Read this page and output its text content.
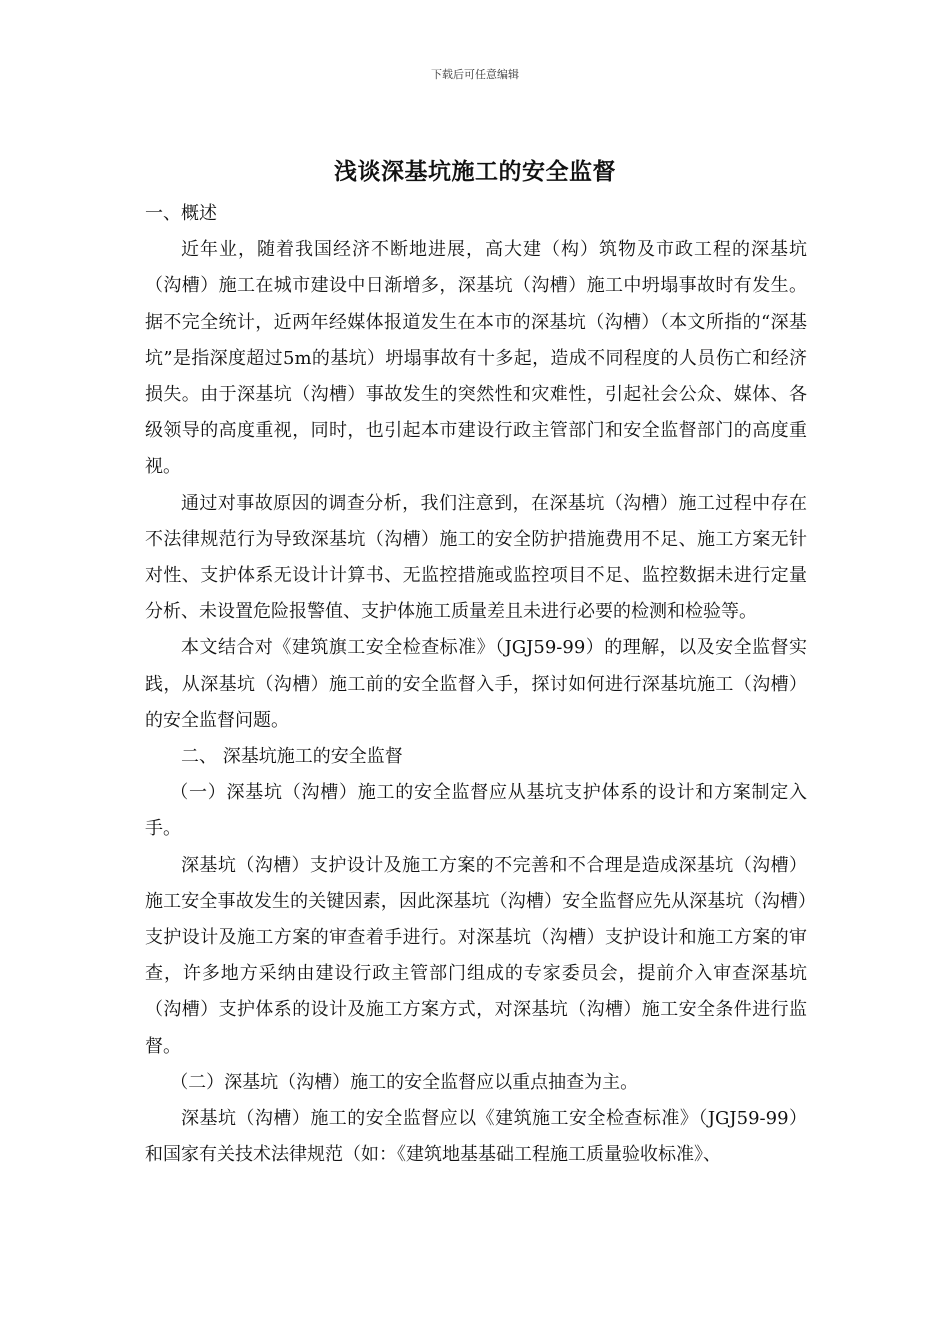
下载后可任意编辑
浅谈深基坑施工的安全监督

一、概述

近年业，随着我国经济不断地进展，高大建（构）筑物及市政工程的深基坑（沟槽）施工在城市建设中日渐增多，深基坑（沟槽）施工中坍塌事故时有发生。据不完全统计，近两年经媒体报道发生在本市的深基坑（沟槽）（本文所指的“深基坑”是指深度超过5m的基坑）坍塌事故有十多起，造成不同程度的人员伤亡和经济损失。由于深基坑（沟槽）事故发生的突然性和灾难性，引起社会公众、媒体、各级领导的高度重视，同时，也引起本市建设行政主管部门和安全监督部门的高度重视。

通过对事故原因的调查分析，我们注意到，在深基坑（沟槽）施工过程中存在不法律规范行为导致深基坑（沟槽）施工的安全防护措施费用不足、施工方案无针对性、支护体系无设计计算书、无监控措施或监控项目不足、监控数据未进行定量分析、未设置危险报警值、支护体施工质量差且未进行必要的检测和检验等。

本文结合对《建筑旗工安全检查标准》（JGJ59-99）的理解，以及安全监督实践，从深基坑（沟槽）施工前的安全监督入手，探讨如何进行深基坑施工（沟槽）的安全监督问题。

二、 深基坑施工的安全监督

（一）深基坑（沟槽）施工的安全监督应从基坑支护体系的设计和方案制定入手。

深基坑（沟槽）支护设计及施工方案的不完善和不合理是造成深基坑（沟槽）施工安全事故发生的关键因素，因此深基坑（沟槽）安全监督应先从深基坑（沟槽）支护设计及施工方案的审查着手进行。对深基坑（沟槽）支护设计和施工方案的审查，许多地方采纳由建设行政主管部门组成的专家委员会，提前介入审查深基坑（沟槽）支护体系的设计及施工方案方式，对深基坑（沟槽）施工安全条件进行监督。

（二）深基坑（沟槽）施工的安全监督应以重点抽查为主。

深基坑（沟槽）施工的安全监督应以《建筑施工安全检查标准》（JGJ59-99）和国家有关技术法律规范（如：《建筑地基基础工程施工质量验收标准》、
